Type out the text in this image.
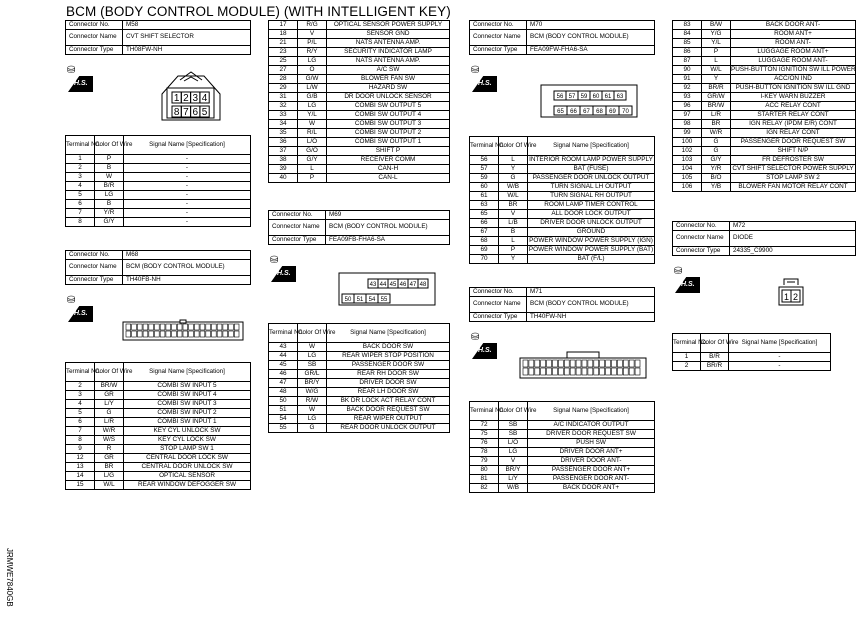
BCM (BODY CONTROL MODULE) (WITH INTELLIGENT KEY)
Connector No.	M58
Connector Name	CVT SHIFT SELECTOR
Connector Type	TH08FW-NH
⛁
H.S.
1 2 3 4
8 7 6 5
Terminal No.	Color Of Wire	Signal Name [Specification]
1	P	-
2	B	-
3	W	-
4	B/R	-
5	LG	-
6	B	-
7	Y/R	-
8	G/Y	-
Connector No.	M68
Connector Name	BCM (BODY CONTROL MODULE)
Connector Type	TH40FB-NH
⛁
H.S.
Terminal No.	Color Of Wire	Signal Name [Specification]
2	BR/W	COMBI SW INPUT 5
3	GR	COMBI SW INPUT 4
4	L/Y	COMBI SW INPUT 3
5	G	COMBI SW INPUT 2
6	L/R	COMBI SW INPUT 1
7	W/R	KEY CYL UNLOCK SW
8	W/S	KEY CYL LOCK SW
9	R	STOP LAMP SW 1
12	GR	CENTRAL DOOR LOCK SW
13	BR	CENTRAL DOOR UNLOCK SW
14	L/G	OPTICAL SENSOR
15	W/L	REAR WINDOW DEFOGGER SW
17	R/G	OPTICAL SENSOR POWER SUPPLY
18	V	SENSOR GND
21	P/L	NATS ANTENNA AMP.
23	R/Y	SECURITY INDICATOR LAMP
25	LG	NATS ANTENNA AMP.
27	O	A/C SW
28	G/W	BLOWER FAN SW
29	L/W	HAZARD SW
31	G/B	DR DOOR UNLOCK SENSOR
32	LG	COMBI SW OUTPUT 5
33	Y/L	COMBI SW OUTPUT 4
34	W	COMBI SW OUTPUT 3
35	R/L	COMBI SW OUTPUT 2
36	L/O	COMBI SW OUTPUT 1
37	G/O	SHIFT P
38	G/Y	RECEIVER COMM
39	L	CAN-H
40	P	CAN-L
Connector No.	M69
Connector Name	BCM (BODY CONTROL MODULE)
Connector Type	FEA09FB-FHA6-SA
⛁
H.S.
43 44 45 46 47 48
50 51 54 55
Terminal No.	Color Of Wire	Signal Name [Specification]
43	W	BACK DOOR SW
44	LG	REAR WIPER STOP POSITION
45	SB	PASSENGER DOOR SW
46	GR/L	REAR RH DOOR SW
47	BR/Y	DRIVER DOOR SW
48	W/G	REAR LH DOOR SW
50	R/W	BK DR LOCK ACT RELAY CONT
51	W	BACK DOOR REQUEST SW
54	LG	REAR WIPER OUTPUT
55	G	REAR DOOR UNLOCK OUTPUT
Connector No.	M70
Connector Name	BCM (BODY CONTROL MODULE)
Connector Type	FEA09FW-FHA6-SA
⛁
H.S.
56 57 59 60 61 63
65 66 67 68 69 70
Terminal No.	Color Of Wire	Signal Name [Specification]
56	L	INTERIOR ROOM LAMP POWER SUPPLY
57	Y	BAT (FUSE)
59	G	PASSENGER DOOR UNLOCK OUTPUT
60	W/B	TURN SIGNAL LH OUTPUT
61	W/L	TURN SIGNAL RH OUTPUT
63	BR	ROOM LAMP TIMER CONTROL
65	V	ALL DOOR LOCK OUTPUT
66	L/B	DRIVER DOOR UNLOCK OUTPUT
67	B	GROUND
68	L	POWER WINDOW POWER SUPPLY (IGN)
69	P	POWER WINDOW POWER SUPPLY (BAT)
70	Y	BAT (F/L)
Connector No.	M71
Connector Name	BCM (BODY CONTROL MODULE)
Connector Type	TH40FW-NH
⛁
H.S.
Terminal No.	Color Of Wire	Signal Name [Specification]
72	SB	A/C INDICATOR OUTPUT
75	SB	DRIVER DOOR REQUEST SW
76	L/O	PUSH SW
78	LG	DRIVER DOOR ANT+
79	V	DRIVER DOOR ANT-
80	BR/Y	PASSENGER DOOR ANT+
81	L/Y	PASSENGER DOOR ANT-
82	W/B	BACK DOOR ANT+
83	B/W	BACK DOOR ANT-
84	Y/G	ROOM ANT+
85	Y/L	ROOM ANT-
86	P	LUGGAGE ROOM ANT+
87	L	LUGGAGE ROOM ANT-
90	W/L	PUSH-BUTTON IGNITION SW ILL POWER
91	Y	ACC/ON IND
92	BR/R	PUSH-BUTTON IGNITION SW ILL GND
93	GR/W	I-KEY WARN BUZZER
96	BR/W	ACC RELAY CONT
97	L/R	STARTER RELAY CONT
98	BR	IGN RELAY (IPDM E/R) CONT
99	W/R	IGN RELAY CONT
100	G	PASSENGER DOOR REQUEST SW
102	G	SHIFT N/P
103	G/Y	FR DEFROSTER SW
104	Y/R	CVT SHIFT SELECTOR POWER SUPPLY
105	B/O	STOP LAMP SW 2
106	Y/B	BLOWER FAN MOTOR RELAY CONT
Connector No.	M72
Connector Name	DIODE
Connector Type	24335_C9900
⛁
H.S.
1 2
Terminal No.	Color Of Wire	Signal Name [Specification]
1	B/R	-
2	BR/R	-
JRMWE7840GB
